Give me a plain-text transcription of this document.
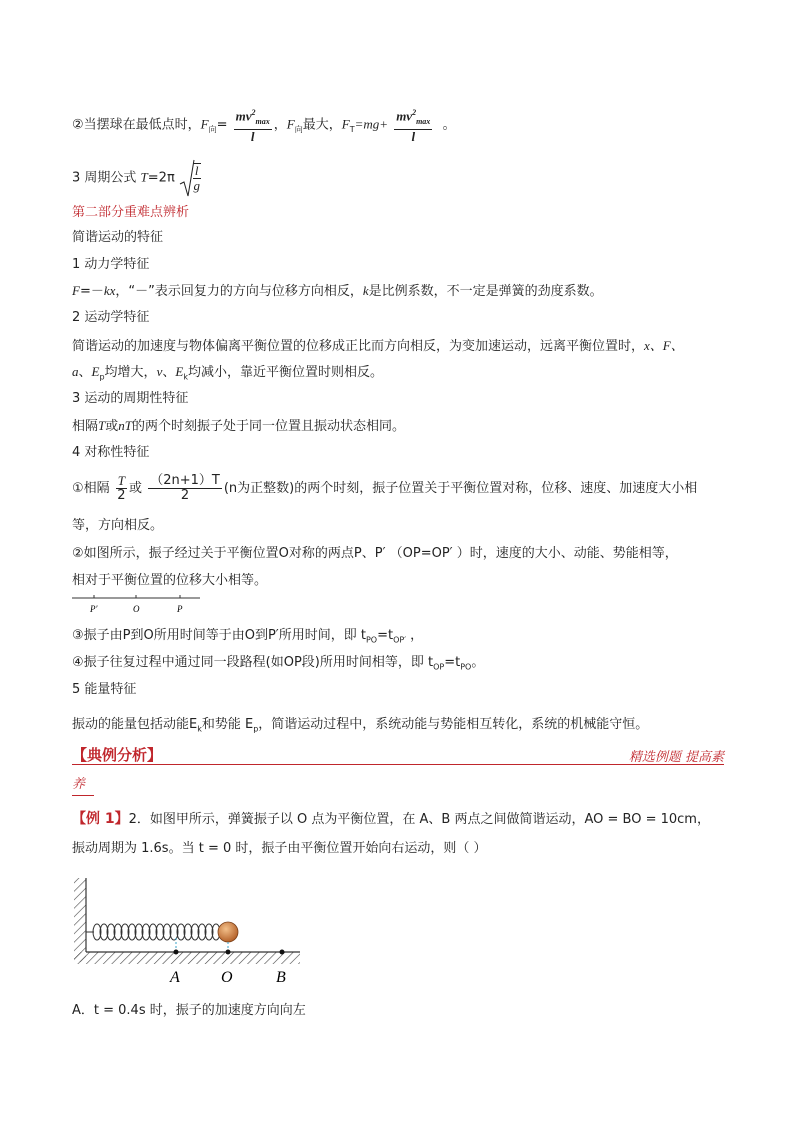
②当摆球在最低点时，$F_向= \frac{mv^2_{max}}{l}$ ，$F_向$最大，$F_T=mg+ \frac{mv^2_{max}}{l}$ 。
3 周期公式 $T=2\pi \frac{l}{g}$
第二部分重难点辨析
简谐运动的特征
1 动力学特征
F=－kx，“－”表示回复力的方向与位移方向相反，k是比例系数，不一定是弹簧的劲度系数。
2 运动学特征
简谐运动的加速度与物体偏离平衡位置的位移成正比而方向相反，为变加速运动，远离平衡位置时，x、F、
a、$E_p$均增大，v、$E_k$均减小，靠近平衡位置时则相反。
3 运动的周期性特征
相隔T或nT的两个时刻振子处于同一位置且振动状态相同。
4 对称性特征
①相隔 $\frac{T}{2}$ 或 $\frac{(2n+1)T}{2} (n$为正整数)的两个时刻，振子位置关于平衡位置对称，位移、速度、加速度大小相
等，方向相反。
②如图所示，振子经过关于平衡位置O对称的两点P、P′ （OP=OP′ ）时，速度的大小、动能、势能相等，
相对于平衡位置的位移大小相等。
P′	O	P
③振子由P到O所用时间等于由O到P′所用时间，即 $t_{PO}=t_{OP'}$ ，
④振子往复过程中通过同一段路程(如OP段)所用时间相等，即 $t_{OP}=t_{PO}$。
5 能量特征
振动的能量包括动能$E_k$和势能 $E_p$，简谐运动过程中，系统动能与势能相互转化，系统的机械能守恒。
【典例分析】	精选例题 提高素
养
【例 1】2．如图甲所示，弹簧振子以 O 点为平衡位置，在 A、B 两点之间做简谐运动，AO = BO = 10cm，
振动周期为 1.6s。当 t = 0 时，振子由平衡位置开始向右运动，则（ ）
A	O	B
A．t = 0.4s 时，振子的加速度方向向左
